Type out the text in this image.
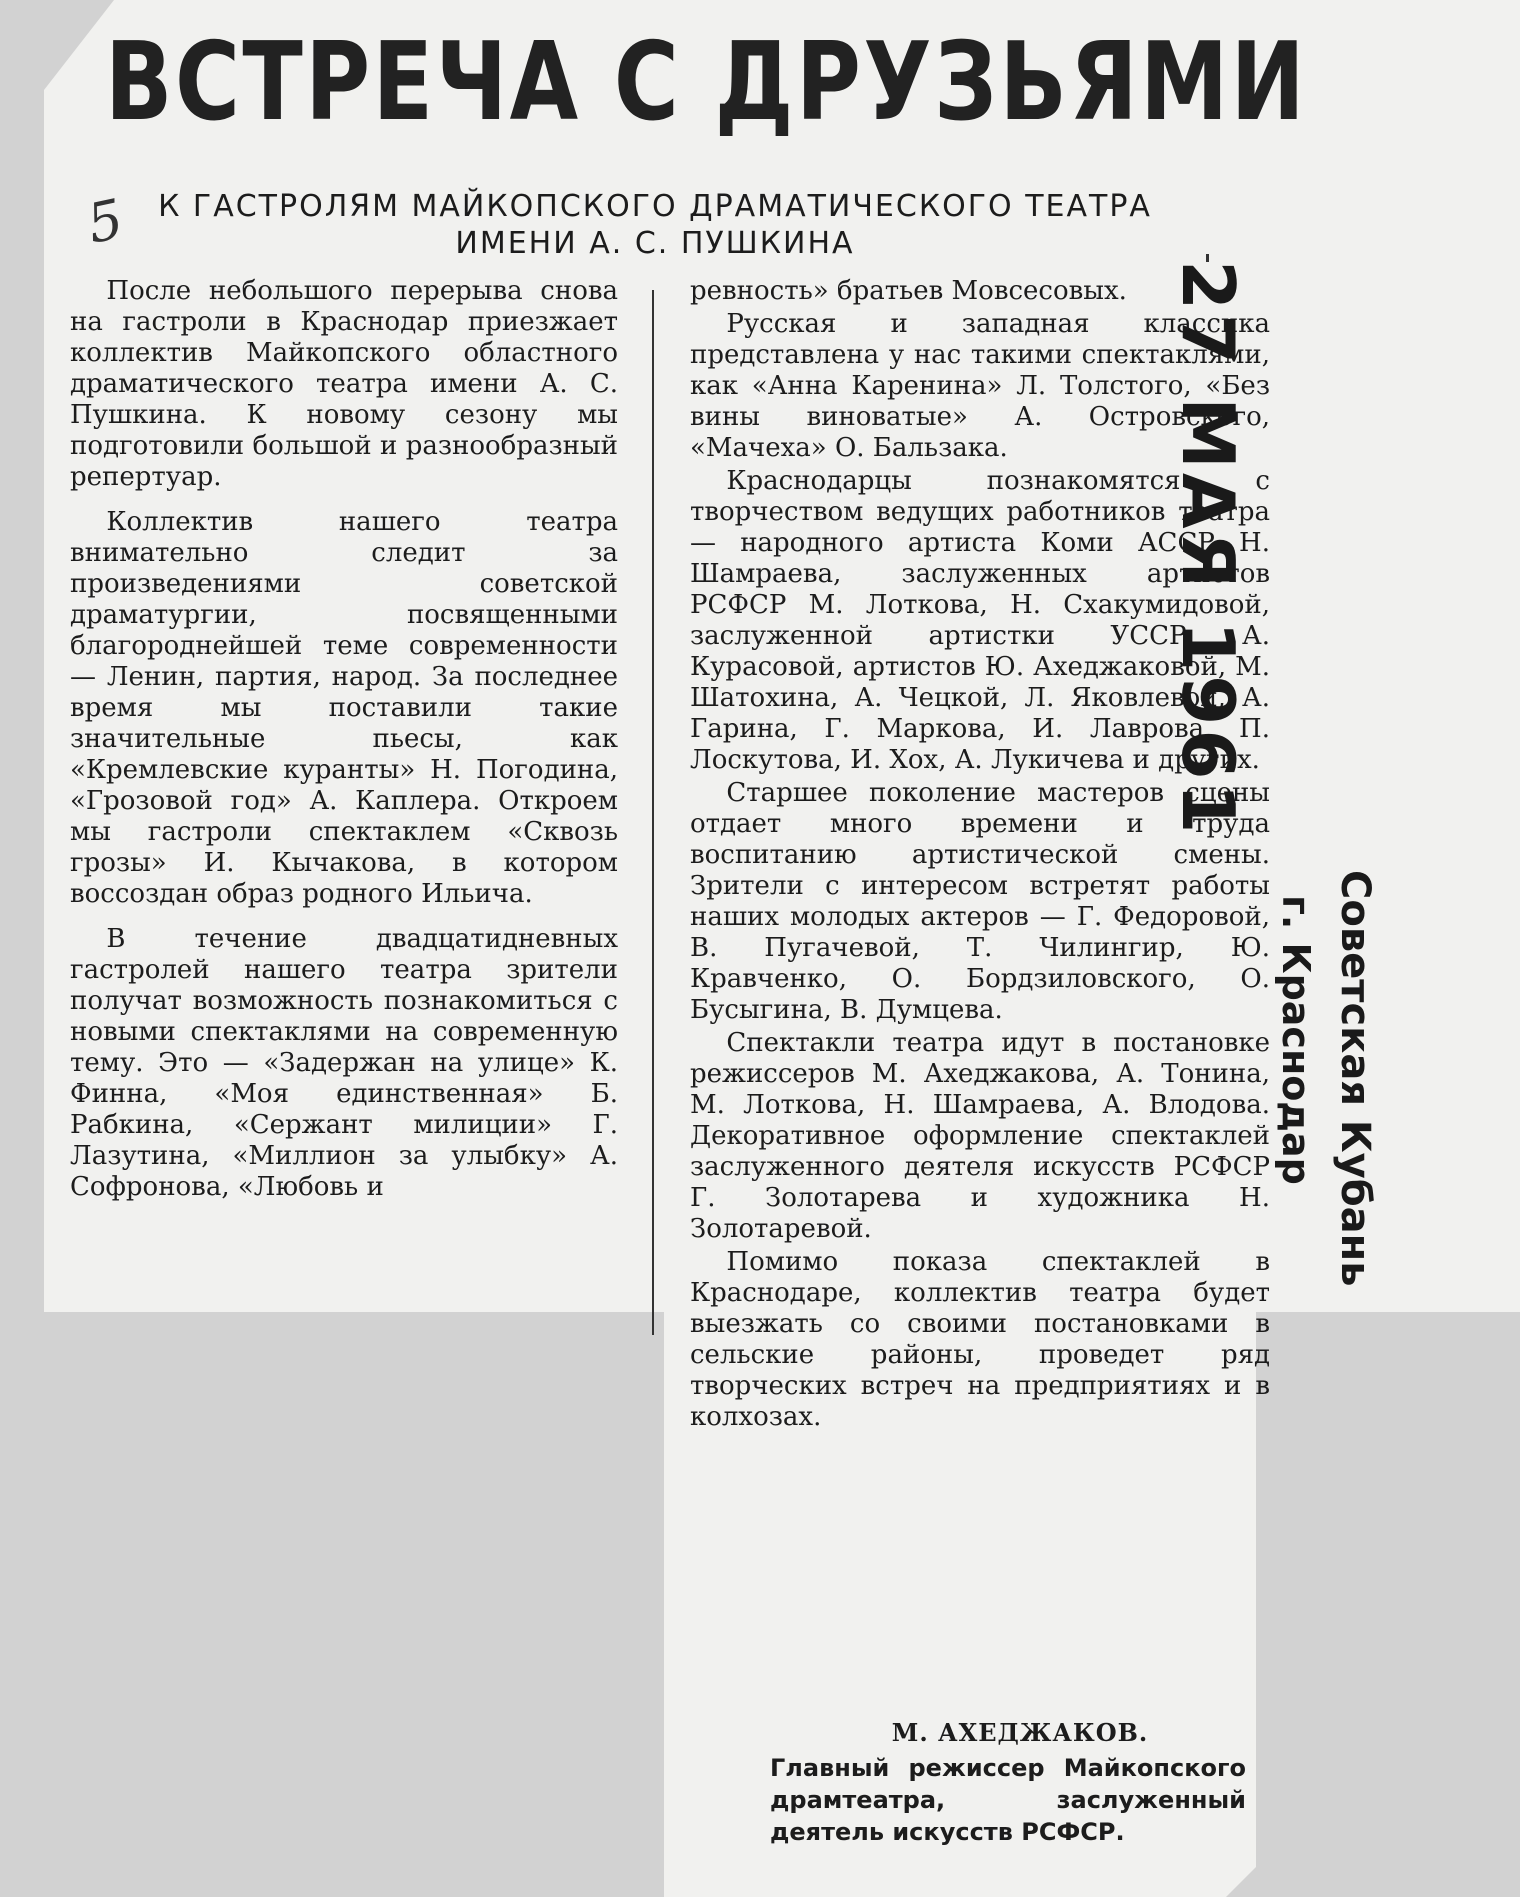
ВСТРЕЧА С ДРУЗЬЯМИ
К ГАСТРОЛЯМ МАЙКОПСКОГО ДРАМАТИЧЕСКОГО ТЕАТРА
ИМЕНИ А. С. ПУШКИНА
5

После небольшого перерыва снова на гастроли в Краснодар приезжает коллектив Майкопского областного драматического театра имени А. С. Пушкина. К новому сезону мы подготовили большой и разнообразный репертуар.

Коллектив нашего театра внимательно следит за произведениями советской драматургии, посвященными благороднейшей теме современности — Ленин, партия, народ. За последнее время мы поставили такие значительные пьесы, как «Кремлевские куранты» Н. Погодина, «Грозовой год» А. Каплера. Откроем мы гастроли спектаклем «Сквозь грозы» И. Кычакова, в котором воссоздан образ родного Ильича.

В течение двадцатидневных гастролей нашего театра зрители получат возможность познакомиться с новыми спектаклями на современную тему. Это — «Задержан на улице» К. Финна, «Моя единственная» Б. Рабкина, «Сержант милиции» Г. Лазутина, «Миллион за улыбку» А. Софронова, «Любовь и

ревность» братьев Мовсесовых.

Русская и западная классика представлена у нас такими спектаклями, как «Анна Каренина» Л. Толстого, «Без вины виноватые» А. Островского, «Мачеха» О. Бальзака.

Краснодарцы познакомятся с творчеством ведущих работников театра — народного артиста Коми АССР Н. Шамраева, заслуженных артистов РСФСР М. Лоткова, Н. Схакумидовой, заслуженной артистки УССР А. Курасовой, артистов Ю. Ахеджаковой, М. Шатохина, А. Чецкой, Л. Яковлевой, А. Гарина, Г. Маркова, И. Лаврова, П. Лоскутова, И. Хох, А. Лукичева и других.

Старшее поколение мастеров сцены отдает много времени и труда воспитанию артистической смены. Зрители с интересом встретят работы наших молодых актеров — Г. Федоровой, В. Пугачевой, Т. Чилингир, Ю. Кравченко, О. Бордзиловского, О. Бусыгина, В. Думцева.

Спектакли театра идут в постановке режиссеров М. Ахеджакова, А. Тонина, М. Лоткова, Н. Шамраева, А. Влодова. Декоративное оформление спектаклей заслуженного деятеля искусств РСФСР Г. Золотарева и художника Н. Золотаревой.

Помимо показа спектаклей в Краснодаре, коллектив театра будет выезжать со своими постановками в сельские районы, проведет ряд творческих встреч на предприятиях и в колхозах.

М. АХЕДЖАКОВ.
Главный режиссер Майкопского драмтеатра, заслуженный деятель искусств РСФСР.
27 МАЯ 1961
Советская Кубань
г. Краснодар
